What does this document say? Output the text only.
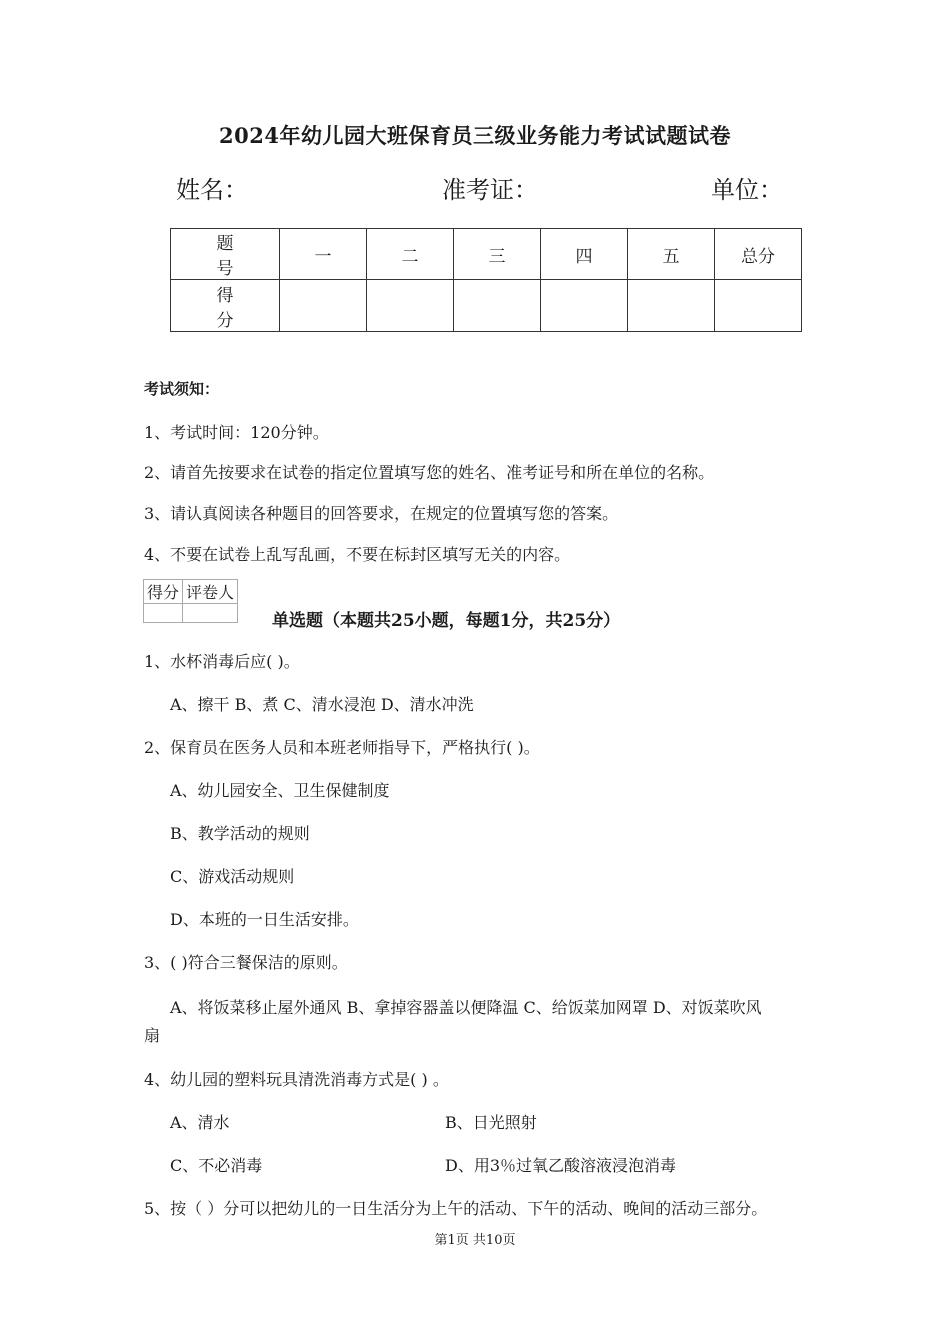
2024年幼儿园大班保育员三级业务能力考试试题试卷
姓名：	准考证：	单位：
题 号	一	二	三	四	五	总分
得 分						
考试须知：
1、考试时间：120分钟。
2、请首先按要求在试卷的指定位置填写您的姓名、准考证号和所在单位的名称。
3、请认真阅读各种题目的回答要求，在规定的位置填写您的答案。
4、不要在试卷上乱写乱画，不要在标封区填写无关的内容。
得分	评卷人

单选题（本题共25小题，每题1分，共25分）
1、水杯消毒后应( )。
A、擦干 B、煮 C、清水浸泡 D、清水冲洗
2、保育员在医务人员和本班老师指导下，严格执行( )。
A、幼儿园安全、卫生保健制度
B、教学活动的规则
C、游戏活动规则
D、本班的一日生活安排。
3、( )符合三餐保洁的原则。
A、将饭菜移止屋外通风 B、拿掉容器盖以便降温 C、给饭菜加网罩 D、对饭菜吹风
扇
4、幼儿园的塑料玩具清洗消毒方式是( ) 。
A、清水	B、日光照射
C、不必消毒	D、用3％过氧乙酸溶液浸泡消毒
5、按（ ）分可以把幼儿的一日生活分为上午的活动、下午的活动、晚间的活动三部分。
第1页 共10页
